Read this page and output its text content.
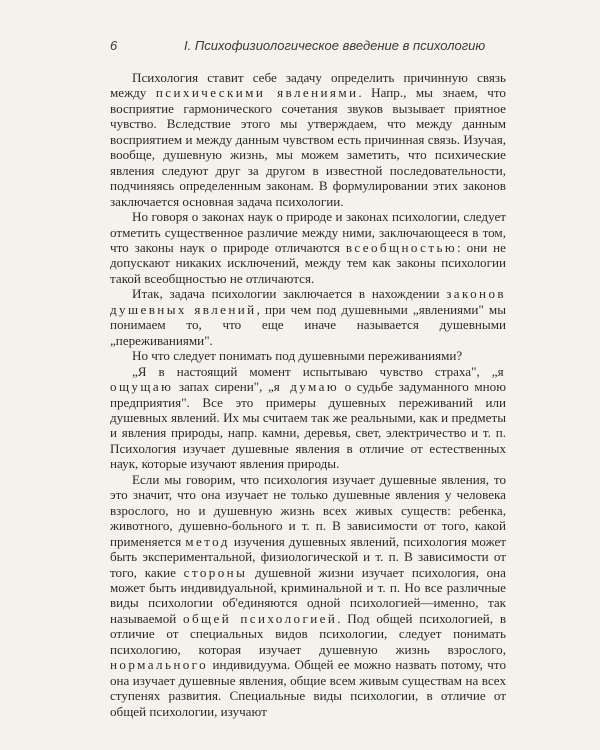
6	I. Психофизиологическое введение в психологию

Психология ставит себе задачу определить причинную связь между психическими явлениями. Напр., мы знаем, что восприятие гармонического сочетания звуков вызывает приятное чувство. Вследствие этого мы утверждаем, что между данным восприятием и между данным чувством есть причинная связь. Изучая, вообще, душевную жизнь, мы можем заметить, что психические явления следуют друг за другом в известной последовательности, подчиняясь определенным законам. В формулировании этих законов заключается основная задача психологии.

Но говоря о законах наук о природе и законах психологии, следует отметить существенное различие между ними, заключающееся в том, что законы наук о природе отличаются всеобщностью: они не допускают никаких исключений, между тем как законы психологии такой всеобщностью не отличаются.

Итак, задача психологии заключается в нахождении законов душевных явлений, при чем под душевными „явлениями" мы понимаем то, что еще иначе называется душевными „переживаниями".

Но что следует понимать под душевными переживаниями?

„Я в настоящий момент испытываю чувство страха", „я ощущаю запах сирени", „я думаю о судьбе задуманного мною предприятия". Все это примеры душевных переживаний или душевных явлений. Их мы считаем так же реальными, как и предметы и явления природы, напр. камни, деревья, свет, электричество и т. п. Психология изучает душевные явления в отличие от естественных наук, которые изучают явления природы.

Если мы говорим, что психология изучает душевные явления, то это значит, что она изучает не только душевные явления у человека взрослого, но и душевную жизнь всех живых существ: ребенка, животного, душевно-больного и т. п. В зависимости от того, какой применяется метод изучения душевных явлений, психология может быть экспериментальной, физиологической и т. п. В зависимости от того, какие стороны душевной жизни изучает психология, она может быть индивидуальной, криминальной и т. п. Но все различные виды психологии об'единяются одной психологией—именно, так называемой общей психологией. Под общей психологией, в отличие от специальных видов психологии, следует понимать психологию, которая изучает душевную жизнь взрослого, нормального индивидуума. Общей ее можно назвать потому, что она изучает душевные явления, общие всем живым существам на всех ступенях развития. Специальные виды психологии, в отличие от общей психологии, изучают
